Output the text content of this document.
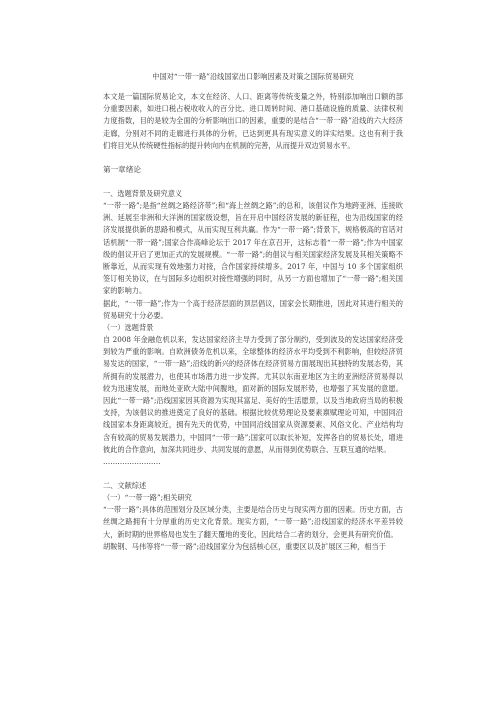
中国对“一带一路”沿线国家出口影响因素及对策之国际贸易研究

本文是一篇国际贸易论文，本文在经济、人口、距离等传统变量之外，特别添加响出口额的部分重要因素，如进口税占税收收入的百分比、进口周转时间、港口基础设施的质量、法律权利力度指数，目的是较为全面的分析影响出口的因素，重要的是结合“一带一路”沿线的六大经济走廊，分别对不同的走廊进行具体的分析，已达到更具有现实意义的详实结果。这也有利于我们将目光从传统硬性指标的提升转向内在机制的完善，从而提升双边贸易水平。

第一章绪论

一、选题背景及研究意义

“一带一路”;是指“丝绸之路经济带”;和“海上丝绸之路”;的总和，该倡议作为地跨亚洲、连接欧洲、延展至非洲和大洋洲的国家级设想，旨在开启中国经济发展的新征程，也为沿线国家的经济发展提供新的思路和模式，从而实现互利共赢。作为“一带一路”;背景下，规格极高的官话对话机制“一带一路”;国家合作高峰论坛于 2017 年在京召开，这标志着“一带一路”;作为中国家级的倡议开启了更加正式的发展规模。“一带一路”;的倡议与相关国家经济发展及其相关策略不断靠近，从而实现有效地强力对接，合作国家持续增多。2017 年，中国与 10 多个国家组织签订相关协议，在与国际多边组织对接性增强的同时，从另一方面也增加了“一带一路”;相关国家的影响力。

据此，“一带一路”;作为一个高于经济层面的顶层倡议，国家会长期推进，因此对其进行相关的贸易研究十分必要。

（一）选题背景

自 2008 年金融危机以来，发达国家经济主导力受到了部分制约，受到波及的发达国家经济受到较为严重的影响。自欧洲债务危机以来，全球整体的经济水平均受到不利影响，但较经济贸易发达的国家，“一带一路”;沿线的新兴的经济体在经济贸易方面展现出其独特的发展态势，其所拥有的发展潜力，也使其市场潜力进一步发挥。尤其以东南亚地区为主的亚洲经济贸易得以较为迅速发展，而地处亚欧大陆中间腹地，面对新的国际发展形势，也增强了其发展的意愿。因此“一带一路”;沿线国家因其资源为实现其富足、美好的生活愿景，以及当地政府当局的积极支持，为该倡议的推进奠定了良好的基础。根据比较优势理论及要素禀赋理论可知，中国同沿线国家本身距离较近，拥有先天的优势，中国同沿线国家从资源要素、风俗文化、产业结构均含有较高的贸易发展潜力，中国同“一带一路”;国家可以取长补短，发挥各自的贸易长处，增进彼此的合作意向，加深共同进步、共同发展的意愿，从而得到优势联合、互联互通的结果。

……………………

二、文献综述

（一）“一带一路”;相关研究

“一带一路”;具体的范围划分及区域分类，主要是结合历史与现实两方面的因素。历史方面，古丝绸之路拥有十分厚重的历史文化背景。现实方面，“一带一路”;沿线国家的经济水平差异较大，新时期的世界格局也发生了翻天覆地的变化，因此结合二者的划分，会更具有研究价值。

胡鞍钢、马伟等将“一带一路”;沿线国家分为包括核心区，重要区以及扩展区三种，相当于
